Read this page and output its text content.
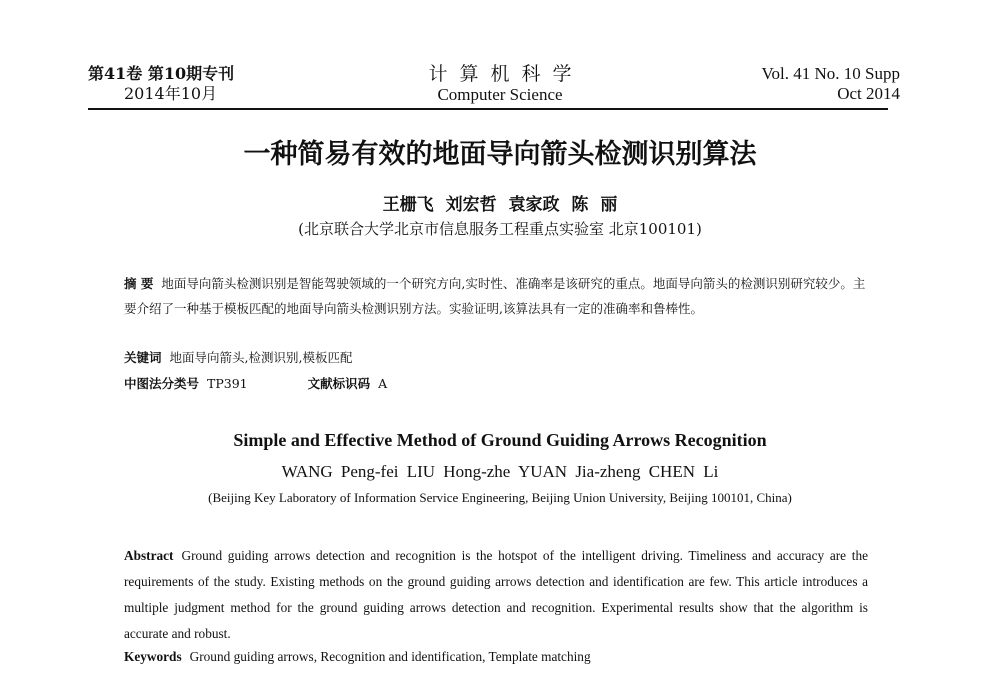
第41卷 第10期专刊
2014年10月
计算机科学
Computer Science
Vol. 41 No. 10 Supp
Oct 2014
一种简易有效的地面导向箭头检测识别算法
王栅飞 刘宏哲 袁家政 陈 丽
(北京联合大学北京市信息服务工程重点实验室 北京100101)
摘 要 地面导向箭头检测识别是智能驾驶领域的一个研究方向,实时性、准确率是该研究的重点。地面导向箭头的检测识别研究较少。主要介绍了一种基于模板匹配的地面导向箭头检测识别方法。实验证明,该算法具有一定的准确率和鲁棒性。
关键词 地面导向箭头,检测识别,模板匹配
中图法分类号 TP391	文献标识码 A
Simple and Effective Method of Ground Guiding Arrows Recognition
WANG Peng-fei LIU Hong-zhe YUAN Jia-zheng CHEN Li
(Beijing Key Laboratory of Information Service Engineering, Beijing Union University, Beijing 100101, China)
Abstract Ground guiding arrows detection and recognition is the hotspot of the intelligent driving. Timeliness and accuracy are the requirements of the study. Existing methods on the ground guiding arrows detection and identification are few. This article introduces a multiple judgment method for the ground guiding arrows detection and recognition. Experimental results show that the algorithm is accurate and robust.
Keywords Ground guiding arrows, Recognition and identification, Template matching
